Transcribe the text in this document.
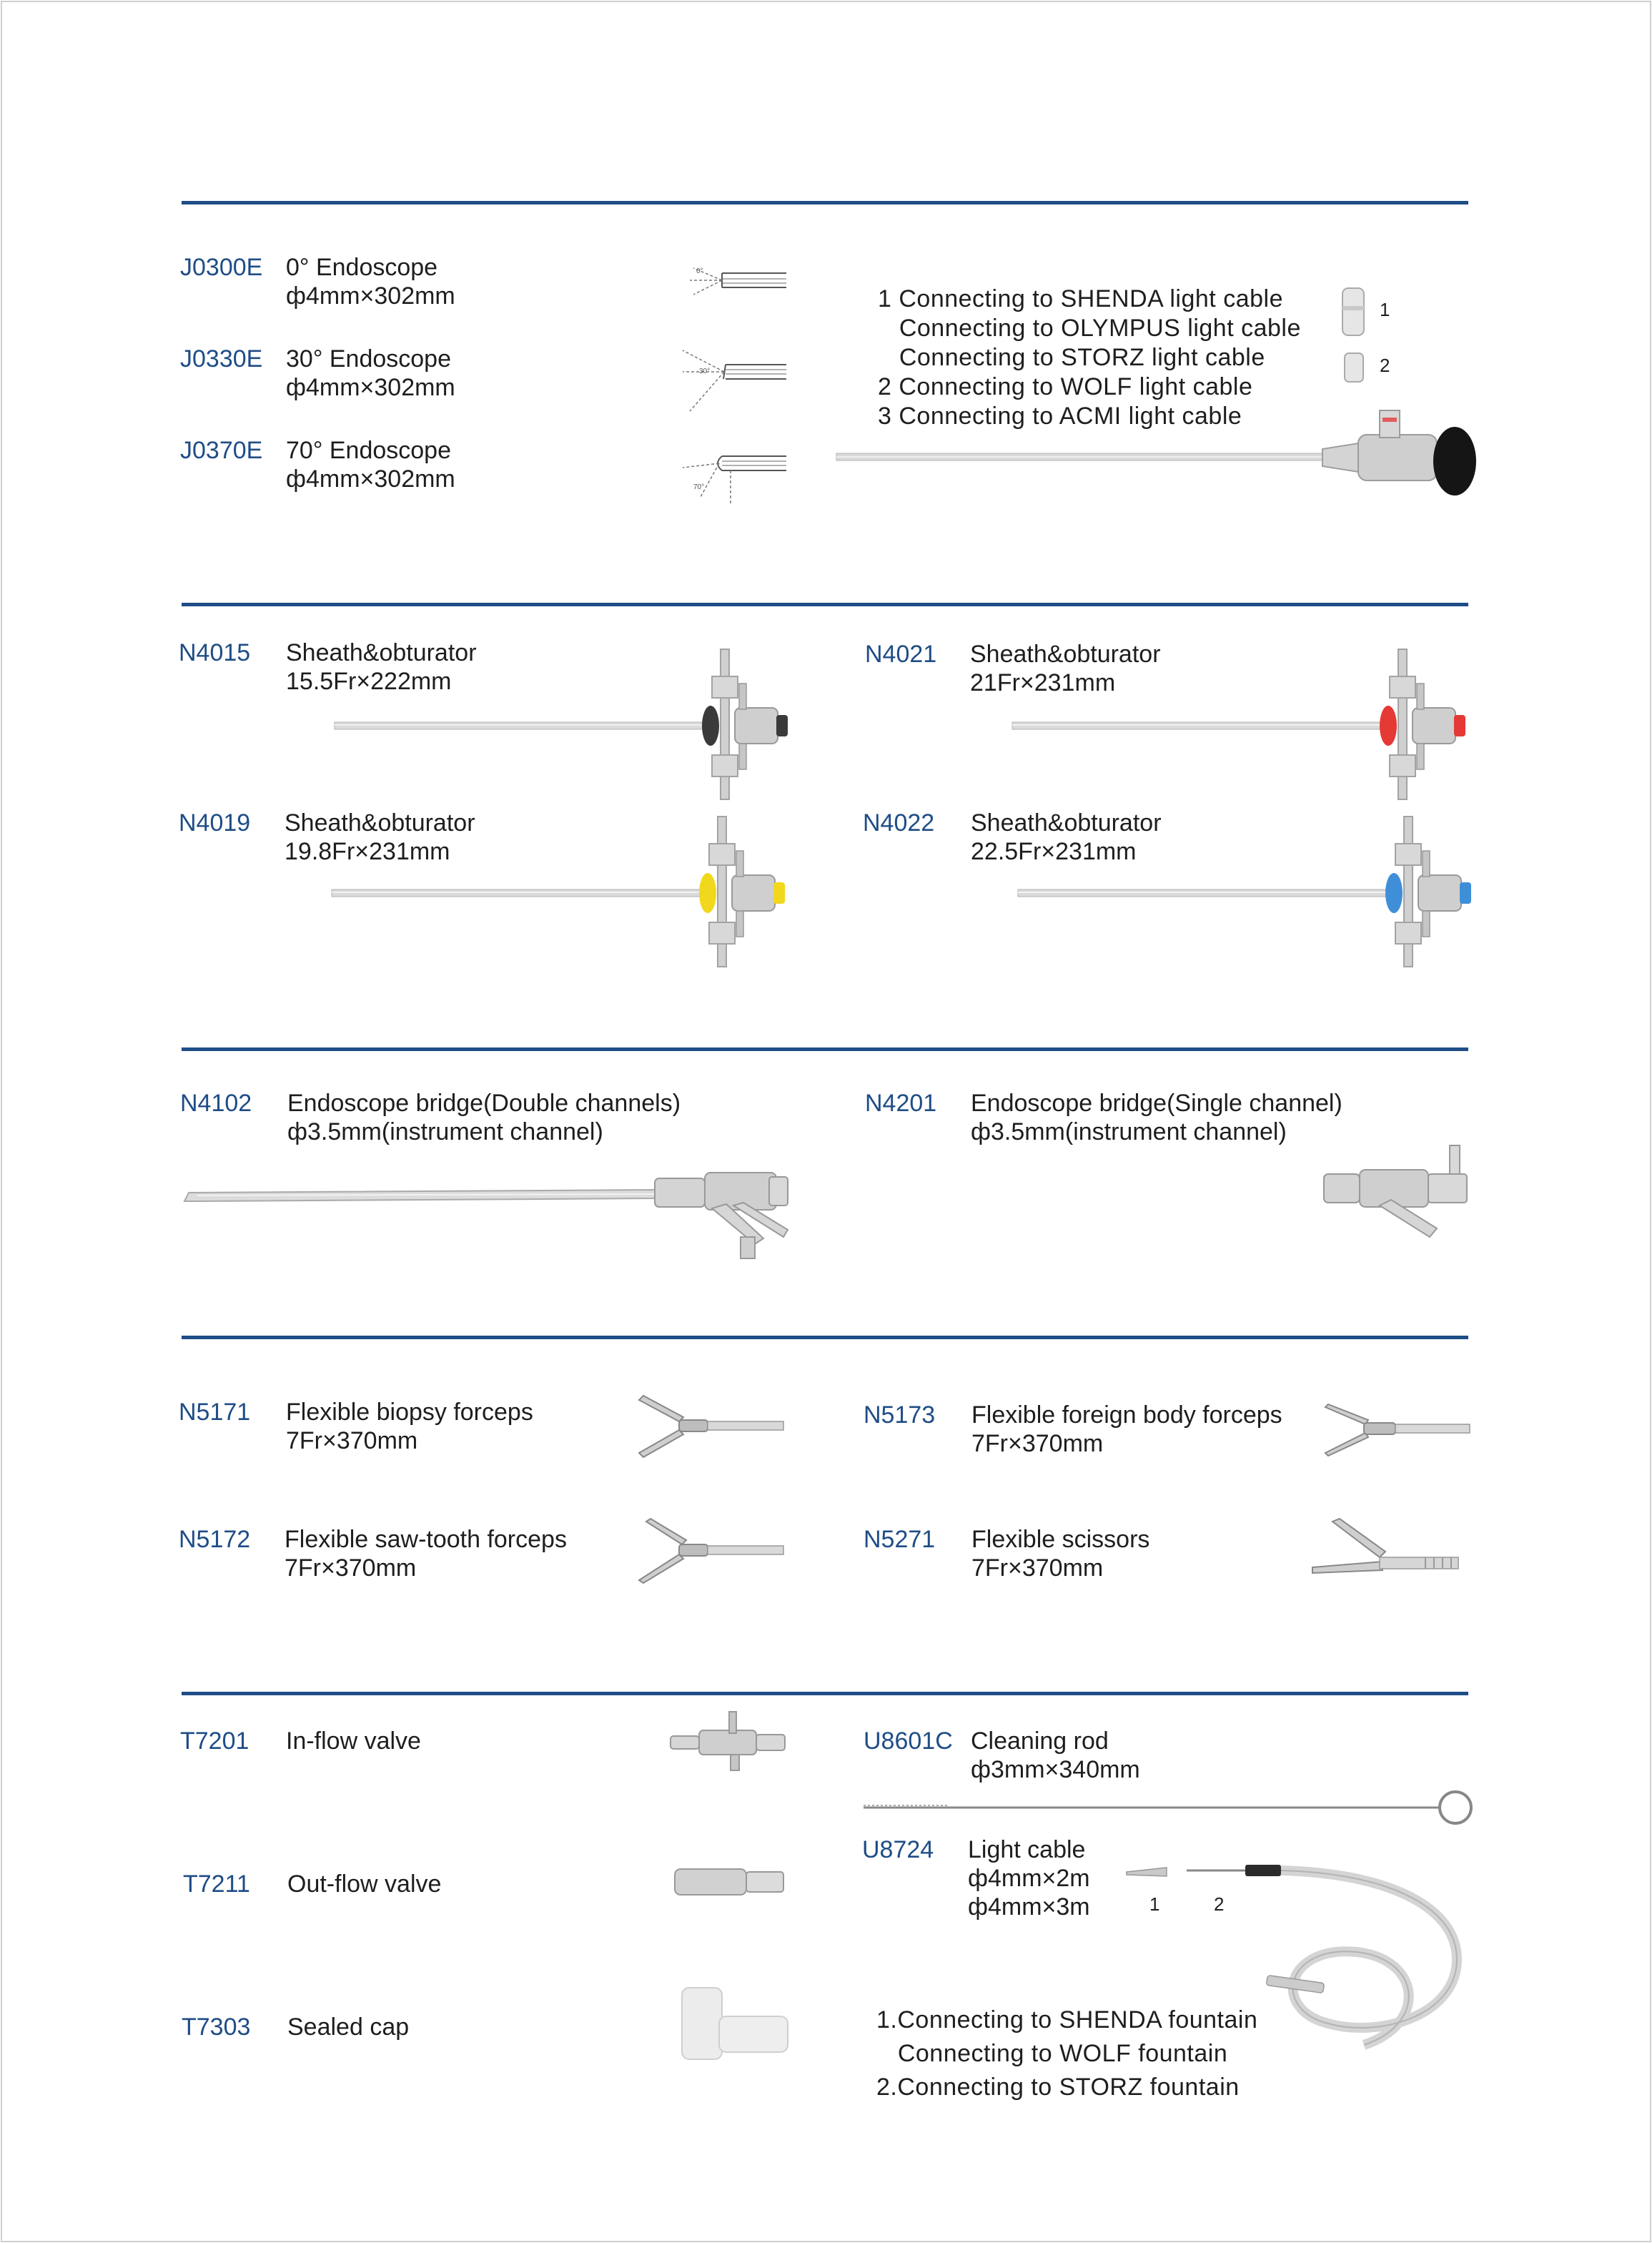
J0300E 0° Endoscope
ф4mm×302mm
J0330E 30° Endoscope
ф4mm×302mm
J0370E 70° Endoscope
ф4mm×302mm
0°
30°
70°
1 Connecting to SHENDA light cable
Connecting to OLYMPUS light cable
Connecting to STORZ light cable
2 Connecting to WOLF light cable
3 Connecting to ACMI light cable
1
2
N4015 Sheath&obturator
15.5Fr×222mm
N4021 Sheath&obturator
21Fr×231mm
N4019 Sheath&obturator
19.8Fr×231mm
N4022 Sheath&obturator
22.5Fr×231mm
N4102 Endoscope bridge(Double channels)
ф3.5mm(instrument channel)
N4201 Endoscope bridge(Single channel)
ф3.5mm(instrument channel)
N5171 Flexible biopsy forceps
7Fr×370mm
N5173 Flexible foreign body forceps
7Fr×370mm
N5172 Flexible saw-tooth forceps
7Fr×370mm
N5271 Flexible scissors
7Fr×370mm
T7201 In-flow valve
T7211 Out-flow valve
T7303 Sealed cap
U8601C Cleaning rod
ф3mm×340mm
U8724 Light cable
ф4mm×2m
ф4mm×3m	1	2
1.Connecting to SHENDA fountain
Connecting to WOLF fountain
2.Connecting to STORZ fountain
